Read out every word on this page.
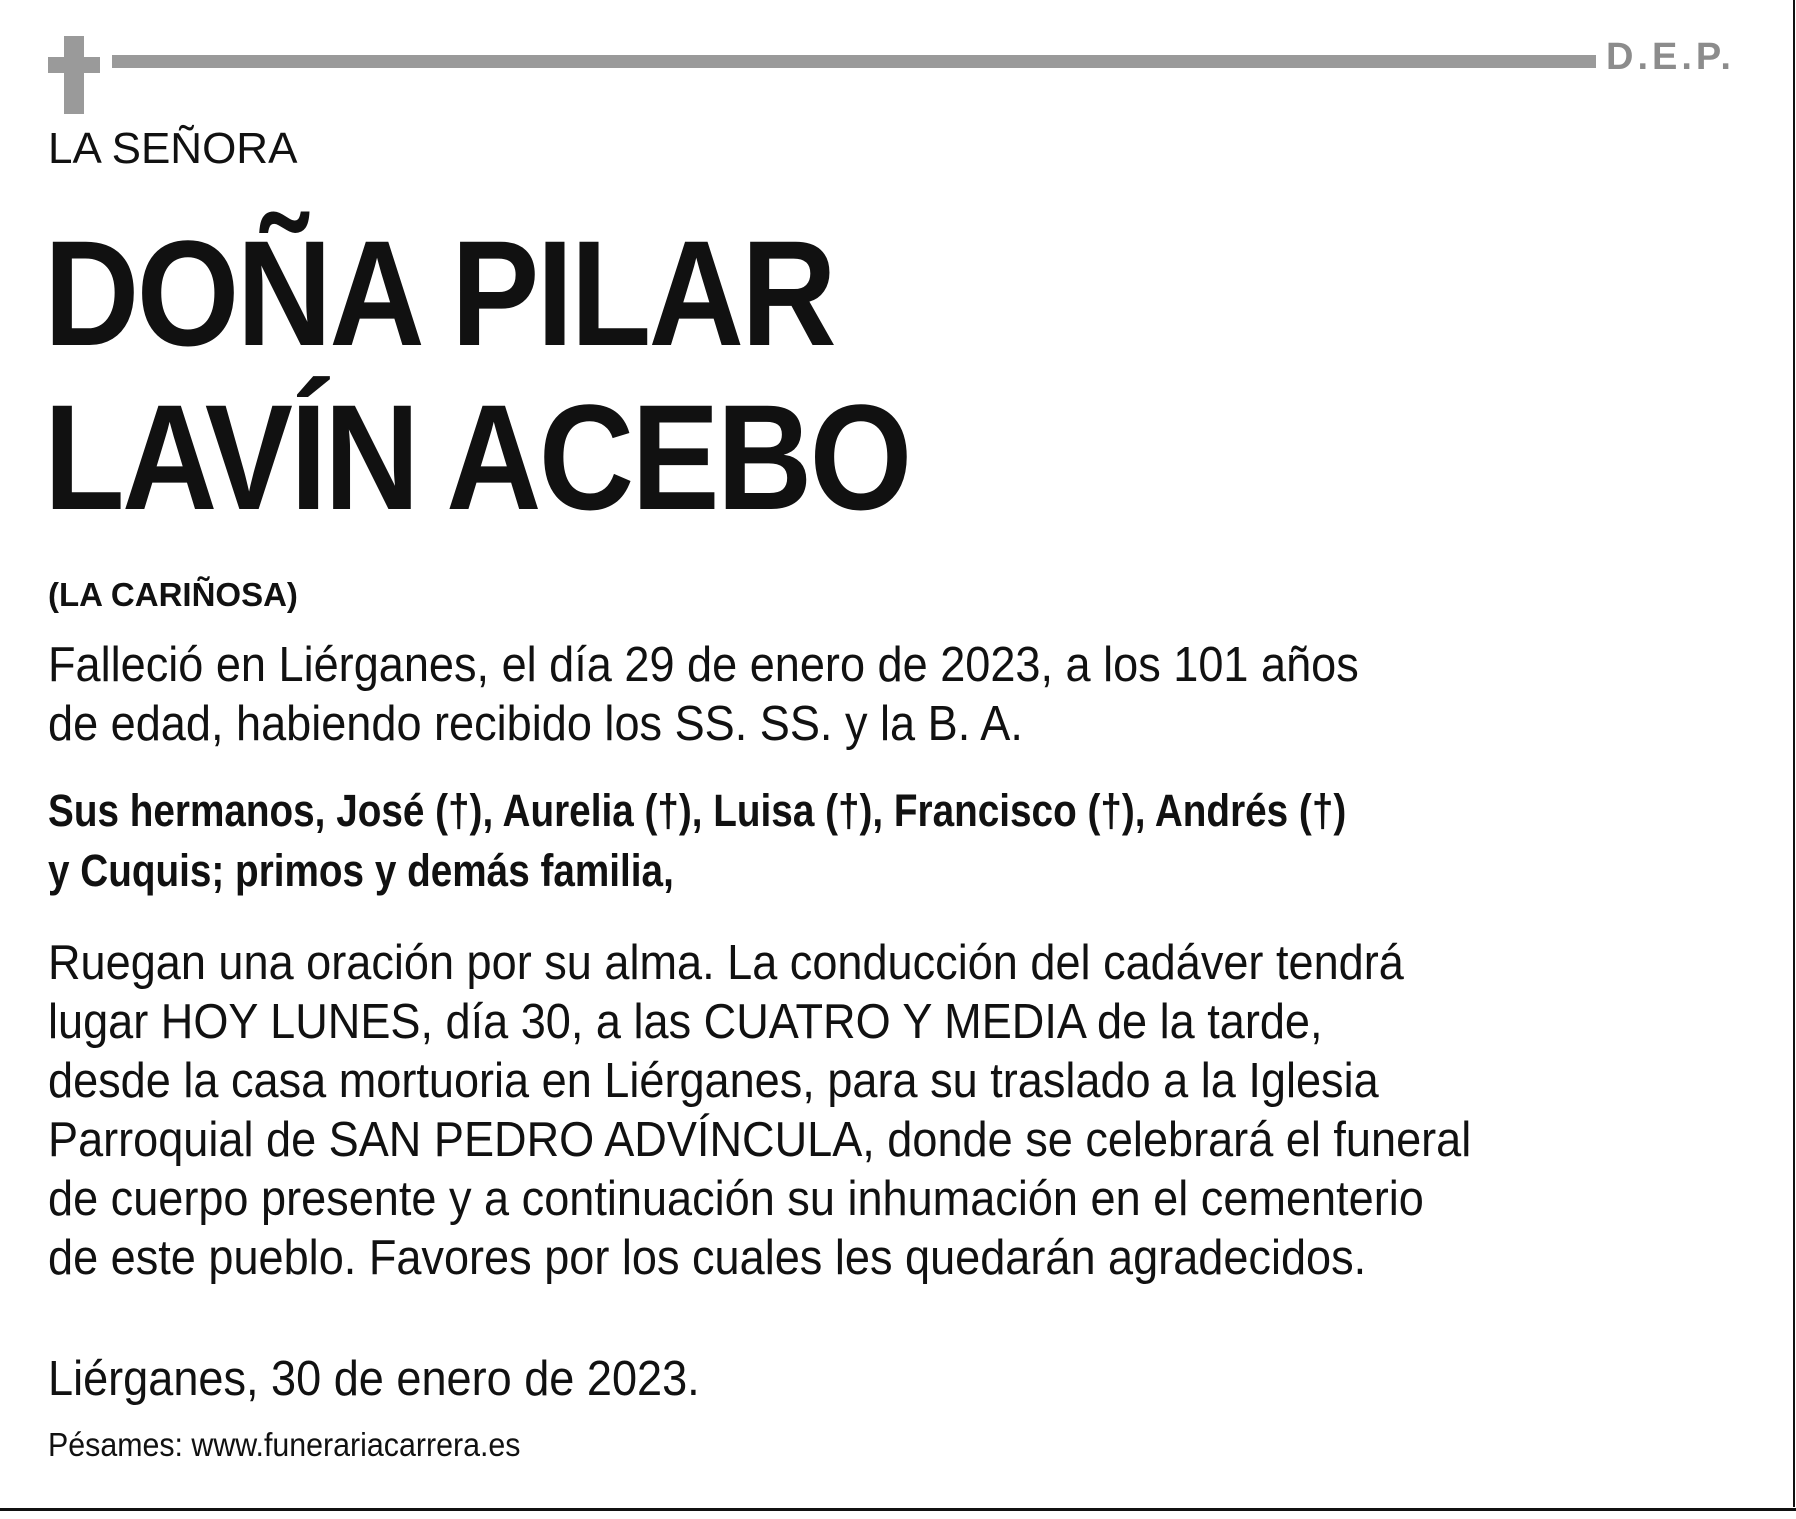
D.E.P.
LA SEÑORA
DOÑA PILAR
LAVÍN ACEBO
(LA CARIÑOSA)
Falleció en Liérganes, el día 29 de enero de 2023, a los 101 años
de edad, habiendo recibido los SS. SS. y la B. A.
Sus hermanos, José (†), Aurelia (†), Luisa (†), Francisco (†), Andrés (†)
y Cuquis; primos y demás familia,
Ruegan una oración por su alma. La conducción del cadáver tendrá
lugar HOY LUNES, día 30, a las CUATRO Y MEDIA de la tarde,
desde la casa mortuoria en Liérganes, para su traslado a la Iglesia
Parroquial de SAN PEDRO ADVÍNCULA, donde se celebrará el funeral
de cuerpo presente y a continuación su inhumación en el cementerio
de este pueblo. Favores por los cuales les quedarán agradecidos.
Liérganes, 30 de enero de 2023.
Pésames: www.funerariacarrera.es
